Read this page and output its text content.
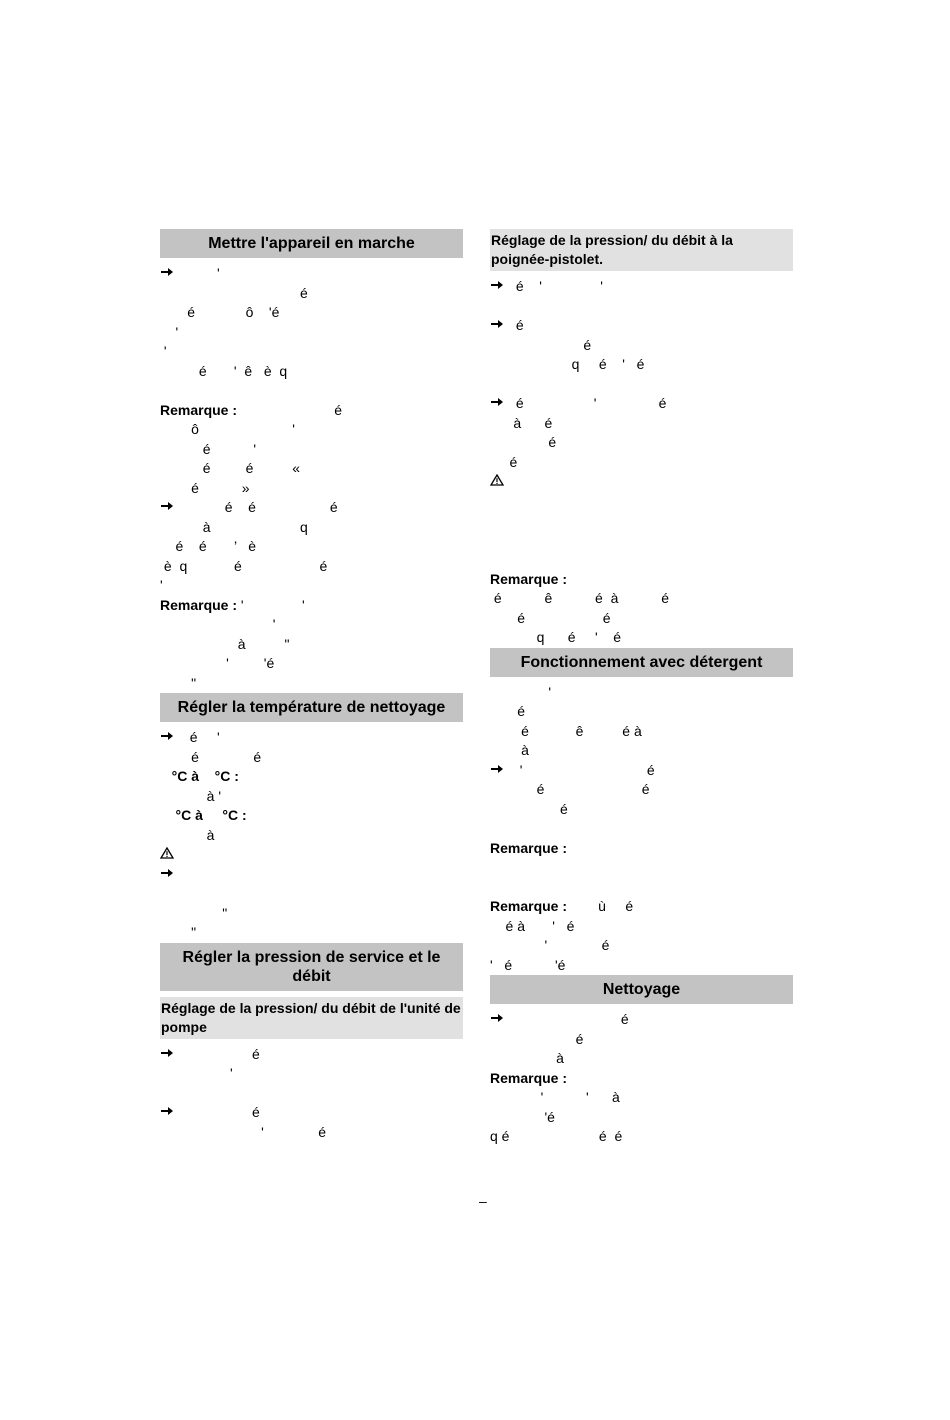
Mettre l'appareil en marche
'
é
é             ô    'é
'
'
é       '  ê   è  q
Remarque :                         é
ô                        '
é           '
é         é          «
é           »
é    é                   é
à                       q
é    é       ’   è
è  q            é                    é
'
Remarque : '               '
'
à          "
'         'é
"
Régler la température de nettoyage
é     '
é              é
°C à    °C :
à '
°C à     °C :
à
"
"
Régler la pression de service et le débit
Réglage de la pression/ du débit de l'unité de pompe
é
'
é
'              é
Réglage de la pression/ du débit à la poignée-pistolet.
é    '               '
é
é
q     é    '   é
é                  '                é
à      é
é
é
Remarque :
é           ê           é  à           é
é                    é
q      é     '    é
Fonctionnement avec détergent
'
é
é            ê          é à
à
'                                é
é                         é
é
Remarque :
Remarque :        ù     é
é à       '   é
'              é
'   é           'é
Nettoyage
é
é
à
Remarque :
'           '      à
'é
q é                       é  é
–
